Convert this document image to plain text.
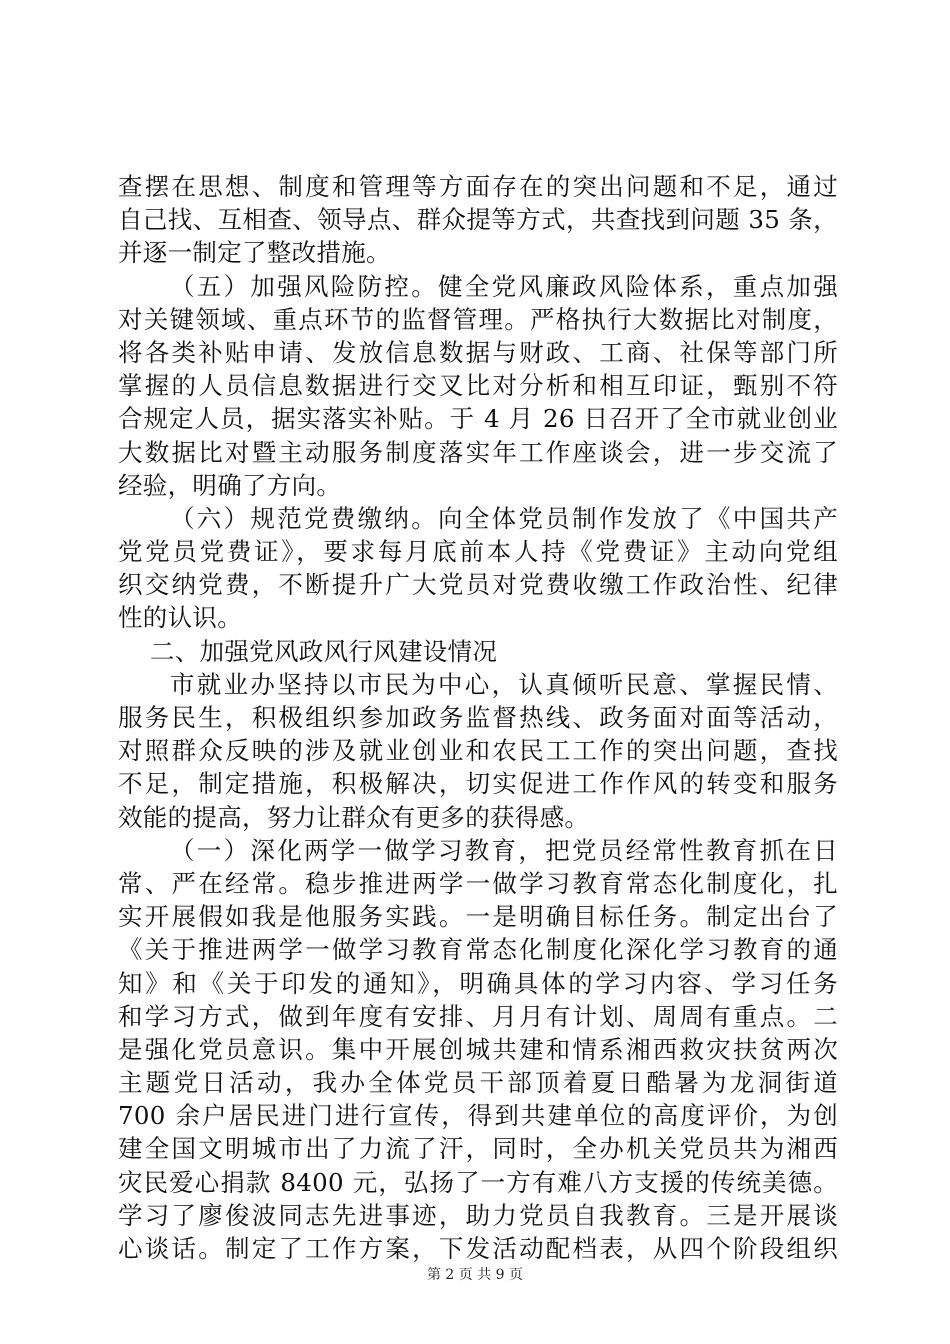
查摆在思想、制度和管理等方面存在的突出问题和不足，通过
自己找、互相查、领导点、群众提等方式，共查找到问题 35 条，
并逐一制定了整改措施。
（五）加强风险防控。健全党风廉政风险体系，重点加强
对关键领域、重点环节的监督管理。严格执行大数据比对制度，
将各类补贴申请、发放信息数据与财政、工商、社保等部门所
掌握的人员信息数据进行交叉比对分析和相互印证，甄别不符
合规定人员，据实落实补贴。于 4 月 26 日召开了全市就业创业
大数据比对暨主动服务制度落实年工作座谈会，进一步交流了
经验，明确了方向。
（六）规范党费缴纳。向全体党员制作发放了《中国共产
党党员党费证》，要求每月底前本人持《党费证》主动向党组
织交纳党费，不断提升广大党员对党费收缴工作政治性、纪律
性的认识。
二、加强党风政风行风建设情况
市就业办坚持以市民为中心，认真倾听民意、掌握民情、
服务民生，积极组织参加政务监督热线、政务面对面等活动，
对照群众反映的涉及就业创业和农民工工作的突出问题，查找
不足，制定措施，积极解决，切实促进工作作风的转变和服务
效能的提高，努力让群众有更多的获得感。
（一）深化两学一做学习教育，把党员经常性教育抓在日
常、严在经常。稳步推进两学一做学习教育常态化制度化，扎
实开展假如我是他服务实践。一是明确目标任务。制定出台了
《关于推进两学一做学习教育常态化制度化深化学习教育的通
知》和《关于印发的通知》，明确具体的学习内容、学习任务
和学习方式，做到年度有安排、月月有计划、周周有重点。二
是强化党员意识。集中开展创城共建和情系湘西救灾扶贫两次
主题党日活动，我办全体党员干部顶着夏日酷暑为龙洞街道
700 余户居民进门进行宣传，得到共建单位的高度评价，为创
建全国文明城市出了力流了汗，同时，全办机关党员共为湘西
灾民爱心捐款 8400 元，弘扬了一方有难八方支援的传统美德。
学习了廖俊波同志先进事迹，助力党员自我教育。三是开展谈
心谈话。制定了工作方案，下发活动配档表，从四个阶段组织
第 2 页 共 9 页
